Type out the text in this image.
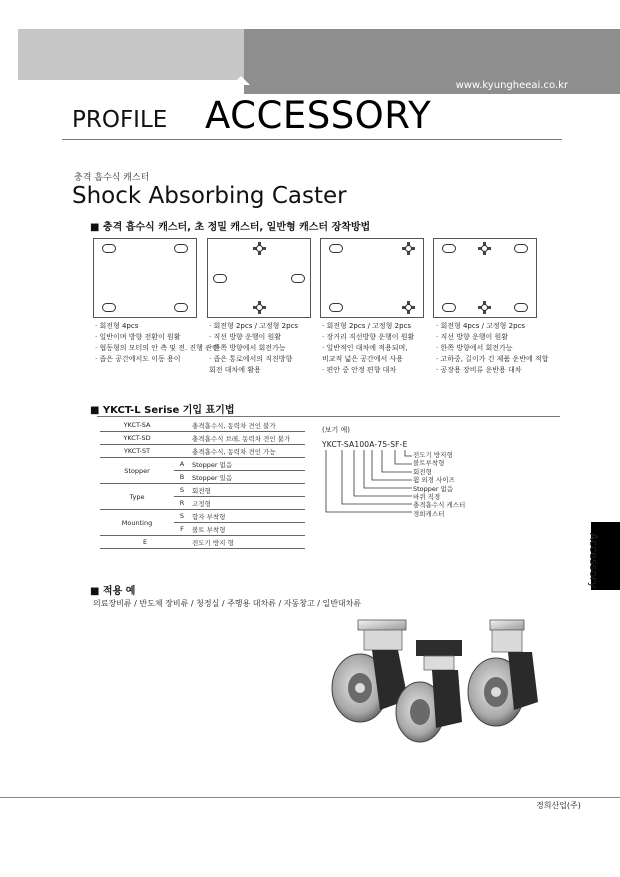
www.kyungheeai.co.kr
PROFILE ACCESSORY
충격 흡수식 캐스터
Shock Absorbing Caster
■ 충격 흡수식 캐스터, 초 정밀 캐스터, 일반형 캐스터 장착방법
· 회전형 4pcs
· 일반이며 방향 전환이 원활
· 협동형의 모터의 안 측 및 전. 진행 관련
· 좁은 공간에서도 이동 용이
· 회전형 2pcs / 고정형 2pcs
· 직선 방향 운행이 원활
· 한쪽 방향에서 회전가능
· 좁은 통로에서의 직진방향
회전 대차에 활용
· 회전형 2pcs / 고정형 2pcs
· 장거리 직선방향 운행이 원활
· 일반적인 대차에 적용되며,
비교적 넓은 공간에서 사용
· 편안 중 안정 편향 대차
· 회전형 4pcs / 고정형 2pcs
· 직선 방향 운행이 원활
· 한쪽 방향에서 회전가능
· 고하중, 길이가 긴 제품 운반에 적합
· 공장용 장비류 운반용 대차
■ YKCT-L Serise 기입 표기법
YKCT-SA		충격흡수식, 동력차 견인 불가
YKCT-SD		충격흡수식 브레, 동력차 견인 불가
YKCT-ST		충격흡수식, 동력차 견인 가능
Stopper	A	Stopper 없음
	B	Stopper 있음
Type	S	회전형
	R	고정형
Mounting	S	합자 부착형
	F	볼트 부착형
E		전도기 방지 형
(보기 예)
YKCT-SA100A-75-SF-E
전도기 방지형
볼트부착형
회전형
휠 외경 사이즈
Stopper 없음
바퀴 직경
충격흡수식 캐스터
경희캐스터
■ 적용 예
의료장비류 / 반도체 장비류 / 청정실 / 주행용 대차류 / 자동창고 / 일반대차류
Accessory
경희산업(주)
